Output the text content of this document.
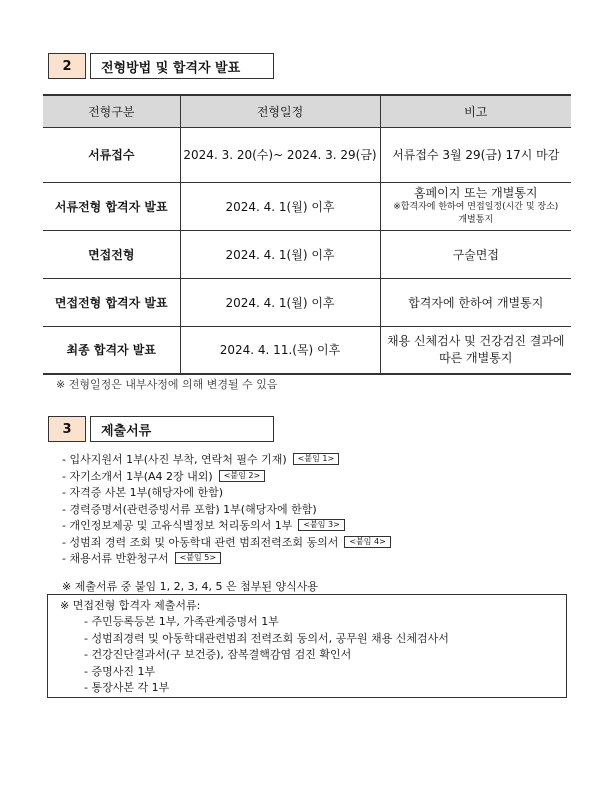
2	전형방법 및 합격자 발표
전형구분	전형일정	비고
서류접수	2024. 3. 20(수)~ 2024. 3. 29(금)	서류접수 3월 29(금) 17시 마감

서류전형 합격자 발표	2024. 4. 1(월) 이후	홈페이지 또는 개별통지
※합격자에 한하여 면접일정(시간 및 장소)
개별통지

면접전형	2024. 4. 1(월) 이후	구술면접

면접전형 합격자 발표	2024. 4. 1(월) 이후	합격자에 한하여 개별통지

최종 합격자 발표	2024. 4. 11.(목) 이후	채용 신체검사 및 건강검진 결과에
따른 개별통지
※ 전형일정은 내부사정에 의해 변경될 수 있음
3	제출서류
- 입사지원서 1부(사진 부착, 연락처 필수 기재)	<붙임 1>
- 자기소개서 1부(A4 2장 내외)	<붙임 2>
- 자격증 사본 1부(해당자에 한함)
- 경력증명서(관련증빙서류 포함) 1부(해당자에 한함)
- 개인정보제공 및 고유식별정보 처리동의서 1부	<붙임 3>
- 성범죄 경력 조회 및 아동학대 관련 범죄전력조회 동의서	<붙임 4>
- 채용서류 반환청구서	<붙임 5>
※ 제출서류 중 붙임 1, 2, 3, 4, 5 은 첨부된 양식사용
※ 면접전형 합격자 제출서류:
- 주민등록등본 1부, 가족관계증명서 1부
- 성범죄경력 및 아동학대관련범죄 전력조회 동의서, 공무원 채용 신체검사서
- 건강진단결과서(구 보건증), 잠복결핵감염 검진 확인서
- 증명사진 1부
- 통장사본 각 1부
